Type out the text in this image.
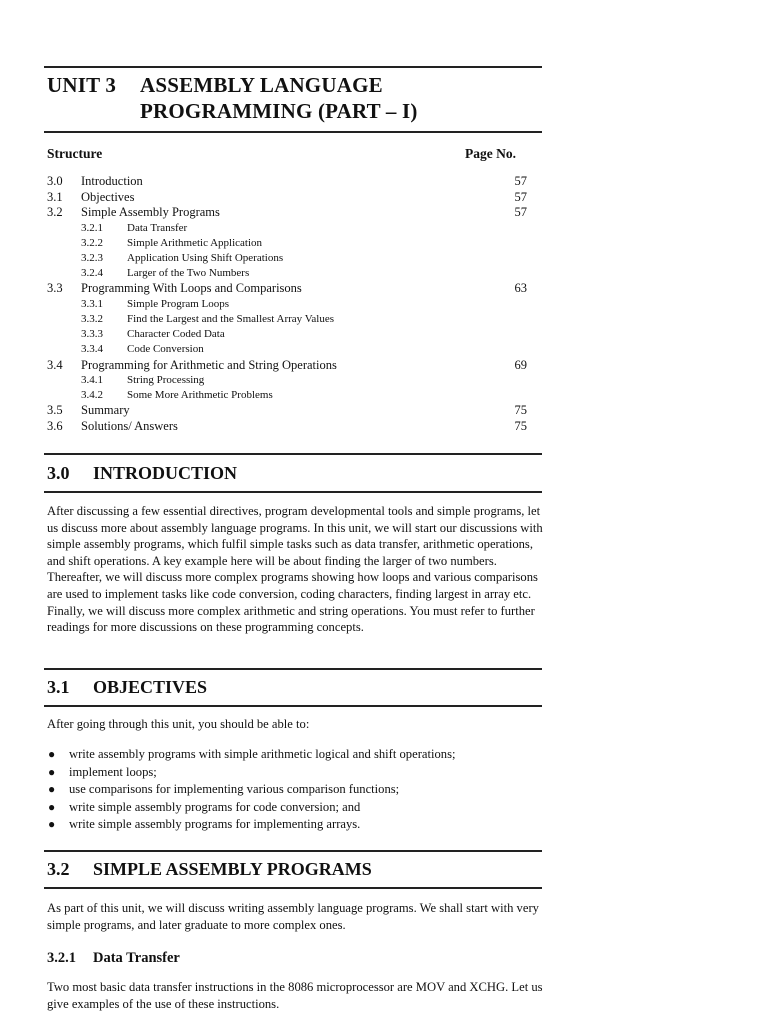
UNIT 3 ASSEMBLY LANGUAGE
PROGRAMMING (PART – I)
Structure	Page No.
3.0 Introduction	57
3.1 Objectives	57
3.2 Simple Assembly Programs	57
3.2.1 Data Transfer
3.2.2 Simple Arithmetic Application
3.2.3 Application Using Shift Operations
3.2.4 Larger of the Two Numbers
3.3 Programming With Loops and Comparisons	63
3.3.1 Simple Program Loops
3.3.2 Find the Largest and the Smallest Array Values
3.3.3 Character Coded Data
3.3.4 Code Conversion
3.4 Programming for Arithmetic and String Operations	69
3.4.1 String Processing
3.4.2 Some More Arithmetic Problems
3.5 Summary	75
3.6 Solutions/ Answers	75
3.0 INTRODUCTION
After discussing a few essential directives, program developmental tools and simple programs, let us discuss more about assembly language programs. In this unit, we will start our discussions with simple assembly programs, which fulfil simple tasks such as data transfer, arithmetic operations, and shift operations. A key example here will be about finding the larger of two numbers. Thereafter, we will discuss more complex programs showing how loops and various comparisons are used to implement tasks like code conversion, coding characters, finding largest in array etc. Finally, we will discuss more complex arithmetic and string operations. You must refer to further readings for more discussions on these programming concepts.
3.1 OBJECTIVES
After going through this unit, you should be able to:
● write assembly programs with simple arithmetic logical and shift operations;
● implement loops;
● use comparisons for implementing various comparison functions;
● write simple assembly programs for code conversion; and
● write simple assembly programs for implementing arrays.
3.2 SIMPLE ASSEMBLY PROGRAMS
As part of this unit, we will discuss writing assembly language programs. We shall start with very simple programs, and later graduate to more complex ones.
3.2.1 Data Transfer
Two most basic data transfer instructions in the 8086 microprocessor are MOV and XCHG. Let us give examples of the use of these instructions.
